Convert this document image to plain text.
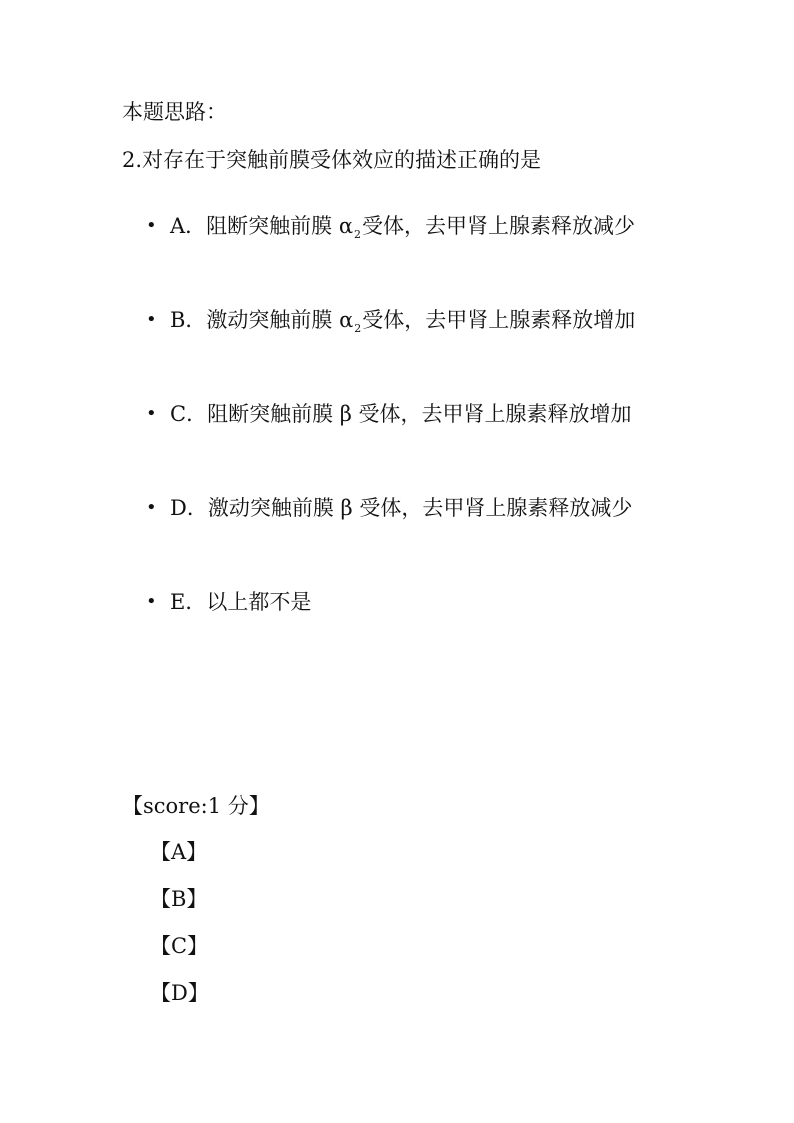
本题思路：
2.对存在于突触前膜受体效应的描述正确的是
• A．阻断突触前膜 $\alpha_2$受体，去甲肾上腺素释放减少
• B．激动突触前膜 $\alpha_2$受体，去甲肾上腺素释放增加
• C．阻断突触前膜 β 受体，去甲肾上腺素释放增加
• D．激动突触前膜 β 受体，去甲肾上腺素释放减少
• E．以上都不是
【score:1 分】
【A】
【B】
【C】
【D】
